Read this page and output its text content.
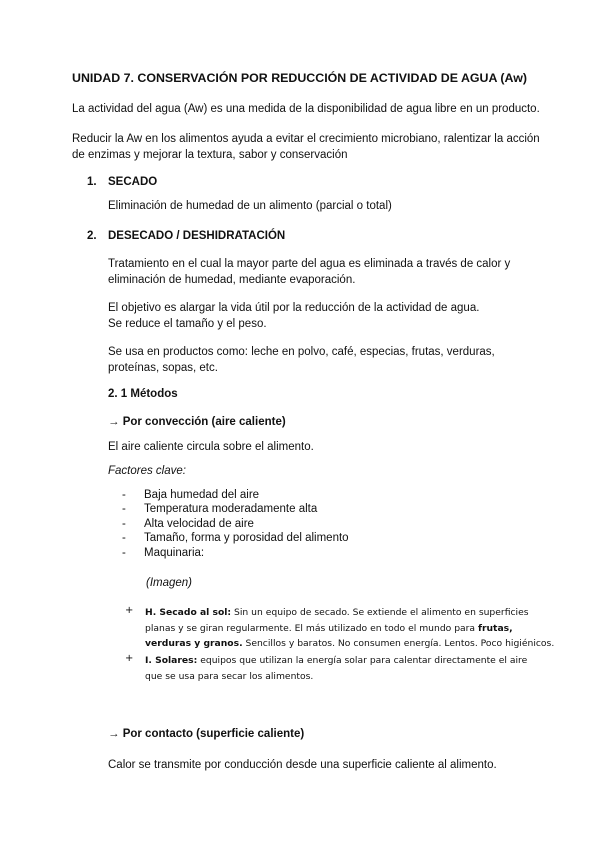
UNIDAD 7. CONSERVACIÓN POR REDUCCIÓN DE ACTIVIDAD DE AGUA (Aw)
La actividad del agua (Aw) es una medida de la disponibilidad de agua libre en un producto.
Reducir la Aw en los alimentos ayuda a evitar el crecimiento microbiano, ralentizar la acción
de enzimas y mejorar la textura, sabor y conservación
1. SECADO
Eliminación de humedad de un alimento (parcial o total)
2. DESECADO / DESHIDRATACIÓN
Tratamiento en el cual la mayor parte del agua es eliminada a través de calor y
eliminación de humedad, mediante evaporación.
El objetivo es alargar la vida útil por la reducción de la actividad de agua.
Se reduce el tamaño y el peso.
Se usa en productos como: leche en polvo, café, especias, frutas, verduras,
proteínas, sopas, etc.
2. 1 Métodos
→ Por convección (aire caliente)
El aire caliente circula sobre el alimento.
Factores clave:
- Baja humedad del aire
- Temperatura moderadamente alta
- Alta velocidad de aire
- Tamaño, forma y porosidad del alimento
- Maquinaria:
(Imagen)
+ H. Secado al sol: Sin un equipo de secado. Se extiende el alimento en superficies
planas y se giran regularmente. El más utilizado en todo el mundo para frutas,
verduras y granos. Sencillos y baratos. No consumen energía. Lentos. Poco higiénicos.
+ I. Solares: equipos que utilizan la energía solar para calentar directamente el aire
que se usa para secar los alimentos.
→ Por contacto (superficie caliente)
Calor se transmite por conducción desde una superficie caliente al alimento.
